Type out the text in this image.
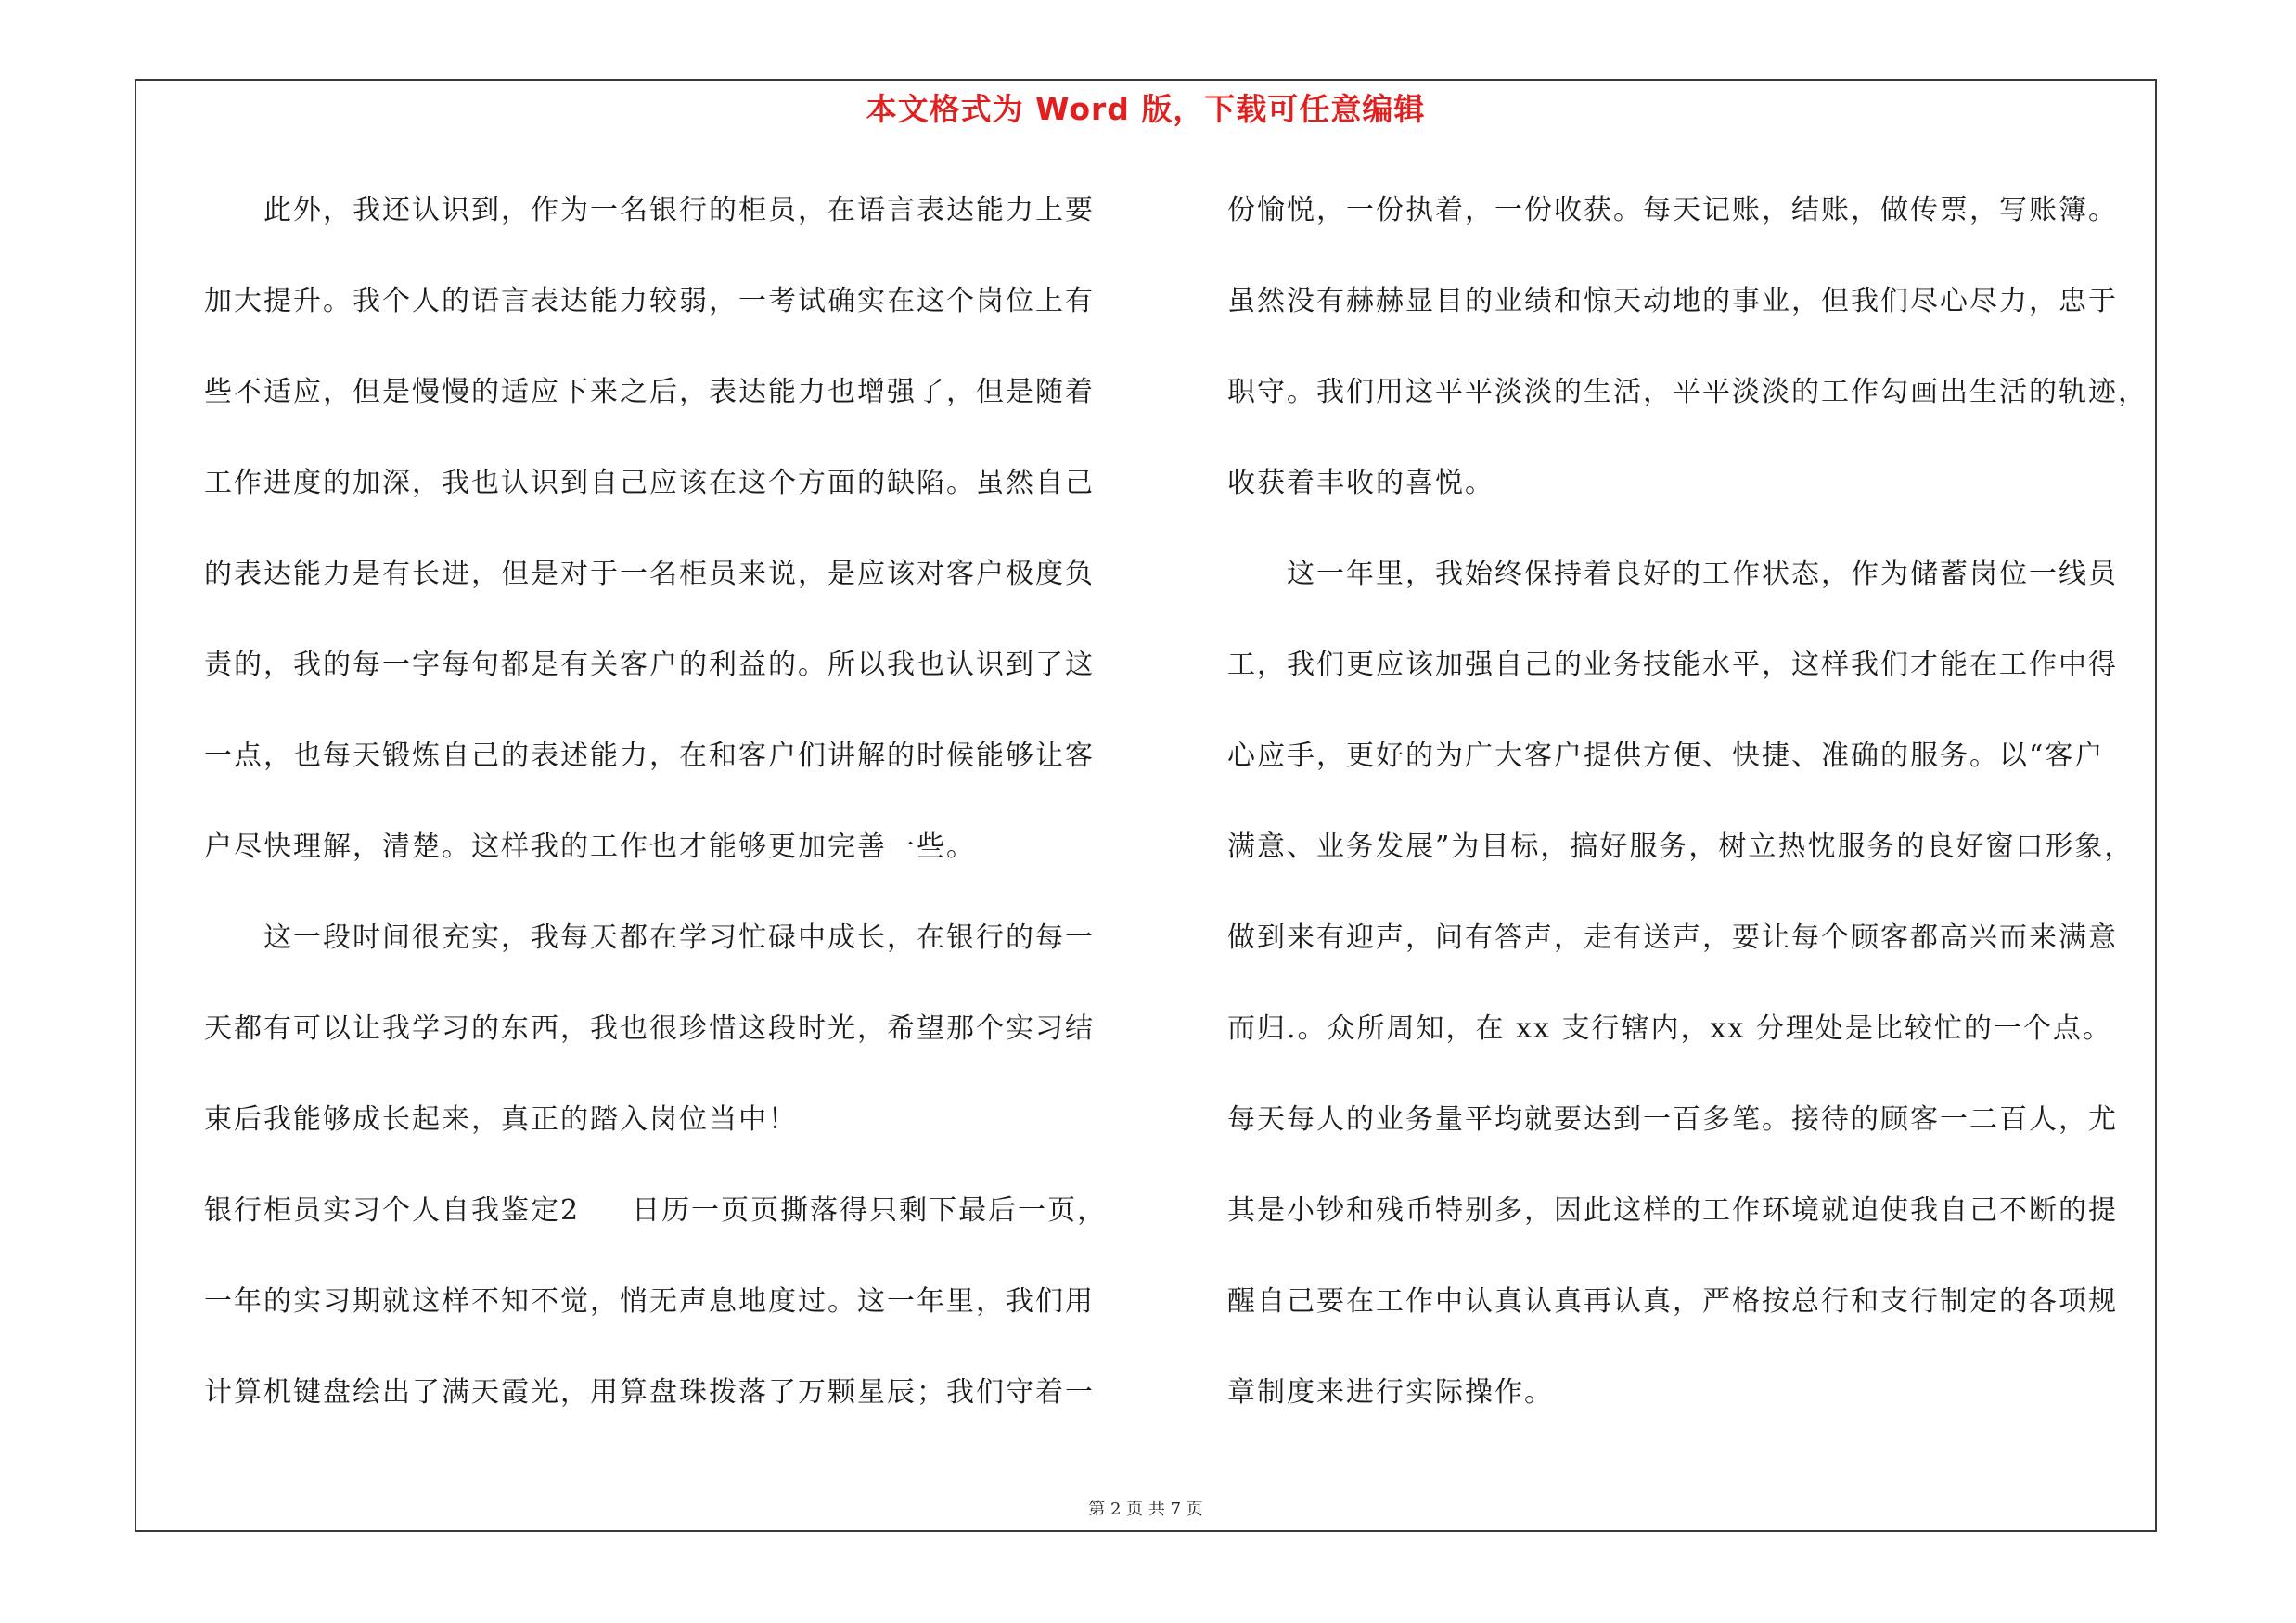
本文格式为 Word 版，下载可任意编辑
此外，我还认识到，作为一名银行的柜员，在语言表达能力上要
加大提升。我个人的语言表达能力较弱，一考试确实在这个岗位上有
些不适应，但是慢慢的适应下来之后，表达能力也增强了，但是随着
工作进度的加深，我也认识到自己应该在这个方面的缺陷。虽然自己
的表达能力是有长进，但是对于一名柜员来说，是应该对客户极度负
责的，我的每一字每句都是有关客户的利益的。所以我也认识到了这
一点，也每天锻炼自己的表述能力，在和客户们讲解的时候能够让客
户尽快理解，清楚。这样我的工作也才能够更加完善一些。
这一段时间很充实，我每天都在学习忙碌中成长，在银行的每一
天都有可以让我学习的东西，我也很珍惜这段时光，希望那个实习结
束后我能够成长起来，真正的踏入岗位当中！
银行柜员实习个人自我鉴定2 日历一页页撕落得只剩下最后一页，
一年的实习期就这样不知不觉，悄无声息地度过。这一年里，我们用
计算机键盘绘出了满天霞光，用算盘珠拨落了万颗星辰；我们守着一
份愉悦，一份执着，一份收获。每天记账，结账，做传票，写账簿。
虽然没有赫赫显目的业绩和惊天动地的事业，但我们尽心尽力，忠于
职守。我们用这平平淡淡的生活，平平淡淡的工作勾画出生活的轨迹，
收获着丰收的喜悦。
这一年里，我始终保持着良好的工作状态，作为储蓄岗位一线员
工，我们更应该加强自己的业务技能水平，这样我们才能在工作中得
心应手，更好的为广大客户提供方便、快捷、准确的服务。以“客户
满意、业务发展”为目标，搞好服务，树立热忱服务的良好窗口形象，
做到来有迎声，问有答声，走有送声，要让每个顾客都高兴而来满意
而归.。众所周知，在 xx 支行辖内，xx 分理处是比较忙的一个点。
每天每人的业务量平均就要达到一百多笔。接待的顾客一二百人，尤
其是小钞和残币特别多，因此这样的工作环境就迫使我自己不断的提
醒自己要在工作中认真认真再认真，严格按总行和支行制定的各项规
章制度来进行实际操作。
第 2 页 共 7 页
